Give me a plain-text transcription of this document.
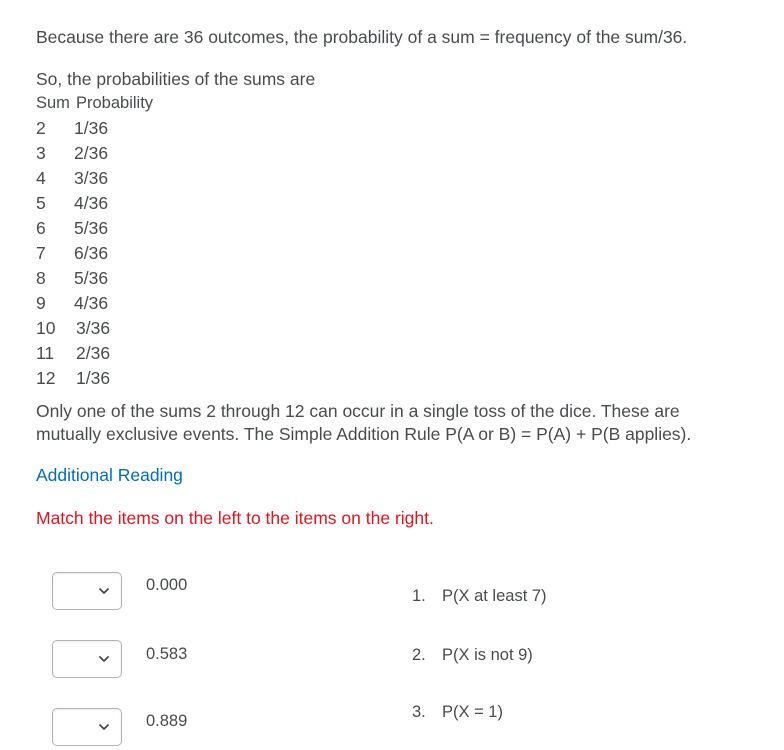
Because there are 36 outcomes, the probability of a sum = frequency of the sum/36.
So, the probabilities of the sums are
Sum Probability
2 1/36
3 2/36
4 3/36
5 4/36
6 5/36
7 6/36
8 5/36
9 4/36
10 3/36
11 2/36
12 1/36
Only one of the sums 2 through 12 can occur in a single toss of the dice. These are
mutually exclusive events. The Simple Addition Rule P(A or B) = P(A) + P(B applies).
Additional Reading
Match the items on the left to the items on the right.
0.000
0.583
0.889
1. P(X at least 7)
2. P(X is not 9)
3. P(X = 1)
